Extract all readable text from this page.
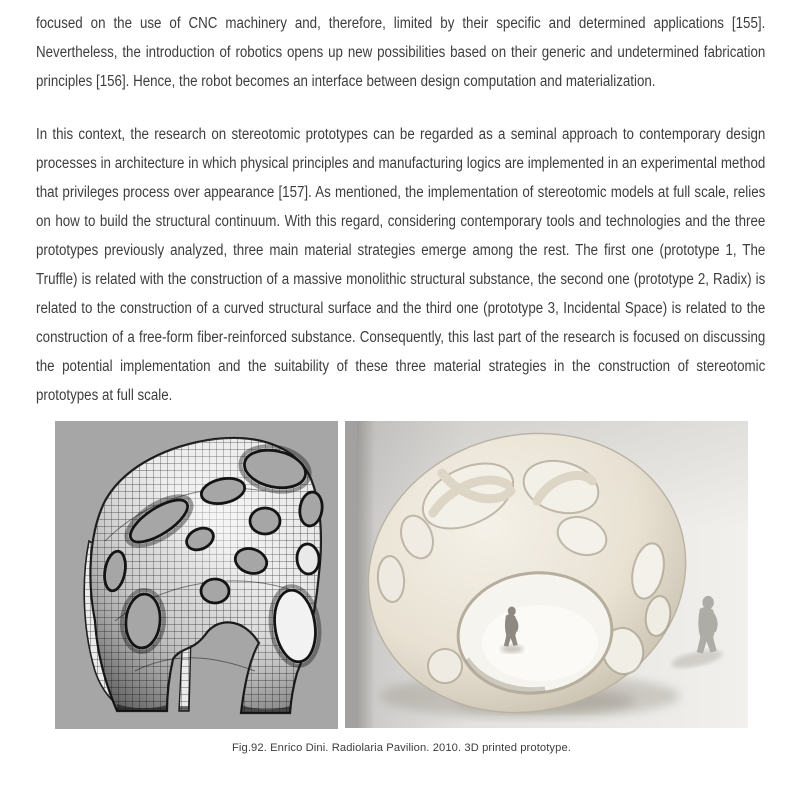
focused on the use of CNC machinery and, therefore, limited by their specific and determined applications [155]. Nevertheless, the introduction of robotics opens up new possibilities based on their generic and undetermined fabrication principles [156]. Hence, the robot becomes an interface between design computation and materialization.

In this context, the research on stereotomic prototypes can be regarded as a seminal approach to contemporary design processes in architecture in which physical principles and manufacturing logics are implemented in an experimental method that privileges process over appearance [157]. As mentioned, the implementation of stereotomic models at full scale, relies on how to build the structural continuum. With this regard, considering contemporary tools and technologies and the three prototypes previously analyzed, three main material strategies emerge among the rest. The first one (prototype 1, The Truffle) is related with the construction of a massive monolithic structural substance, the second one (prototype 2, Radix) is related to the construction of a curved structural surface and the third one (prototype 3, Incidental Space) is related to the construction of a free-form fiber-reinforced substance. Consequently, this last part of the research is focused on discussing the potential implementation and the suitability of these three material strategies in the construction of stereotomic prototypes at full scale.

Fig.92. Enrico Dini. Radiolaria Pavilion. 2010. 3D printed prototype.
